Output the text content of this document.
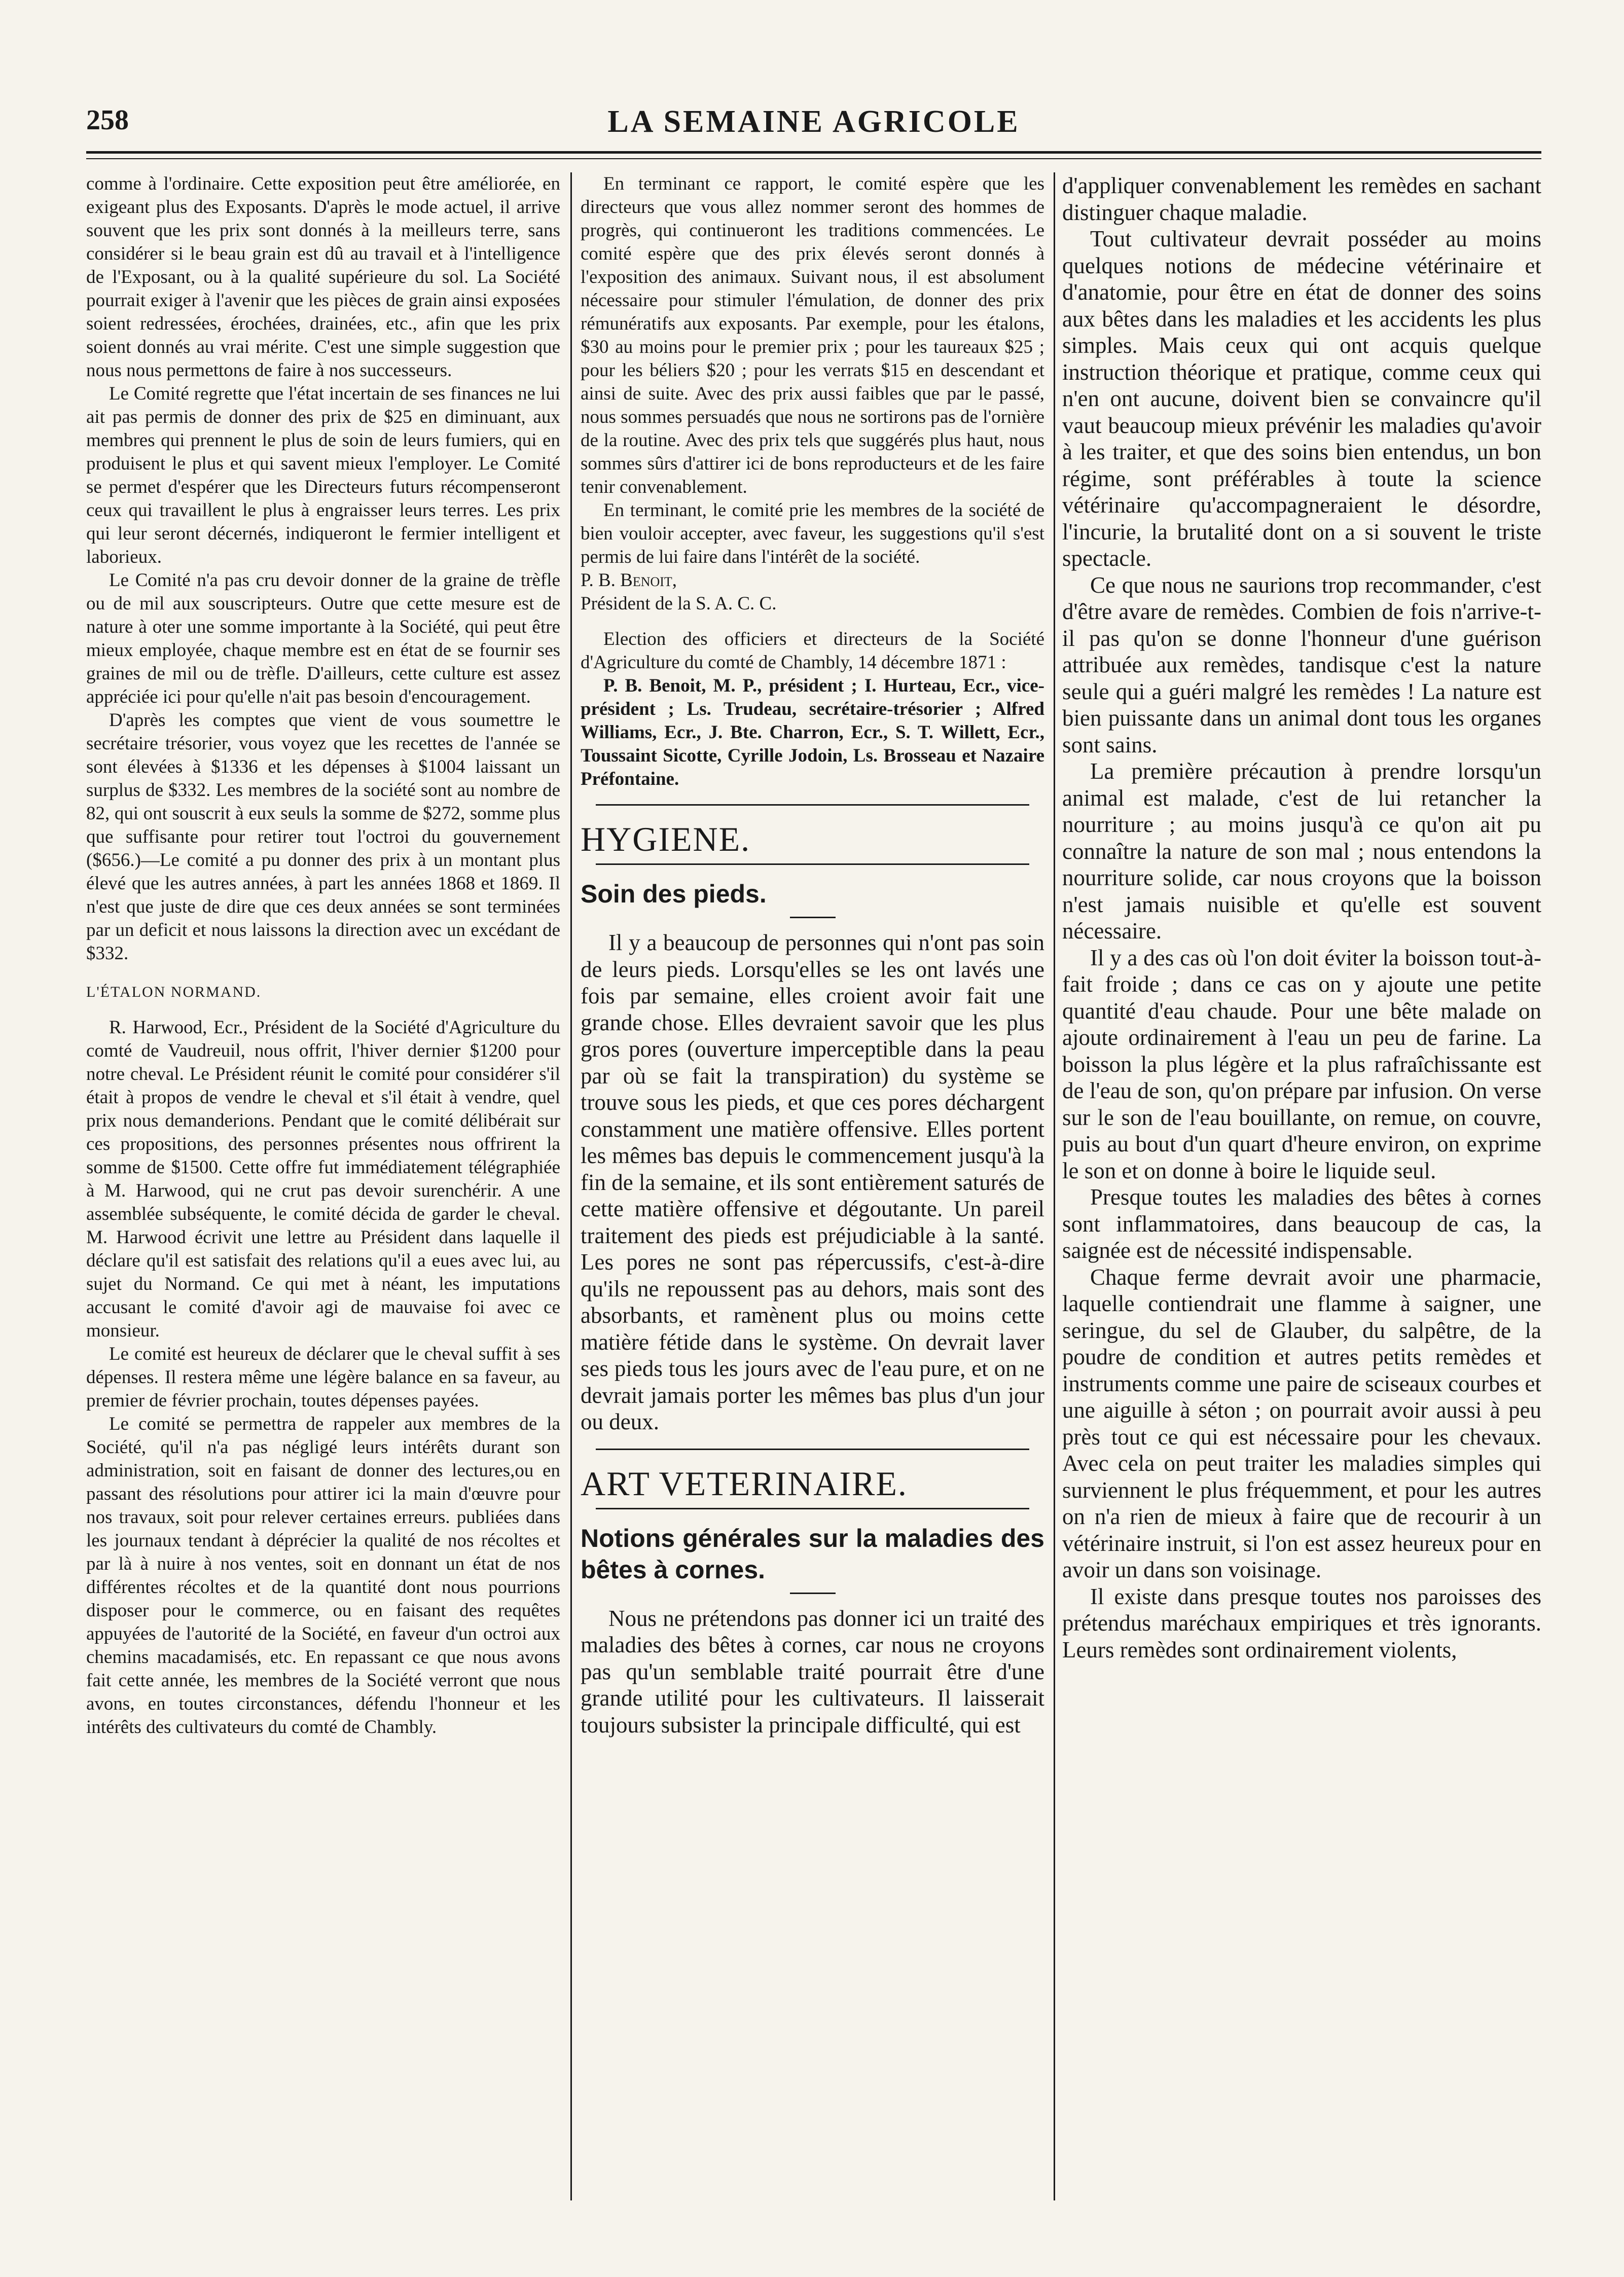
LA SEMAINE AGRICOLE
258

comme à l'ordinaire. Cette exposition peut être améliorée, en exigeant plus des Exposants. D'après le mode actuel, il arrive souvent que les prix sont donnés à la meilleurs terre, sans considérer si le beau grain est dû au travail et à l'intelligence de l'Exposant, ou à la qualité supérieure du sol. La Société pourrait exiger à l'avenir que les pièces de grain ainsi exposées soient redressées, érochées, drainées, etc., afin que les prix soient donnés au vrai mérite. C'est une simple suggestion que nous nous permettons de faire à nos successeurs.

Le Comité regrette que l'état incertain de ses finances ne lui ait pas permis de donner des prix de $25 en diminuant, aux membres qui prennent le plus de soin de leurs fumiers, qui en produisent le plus et qui savent mieux l'employer. Le Comité se permet d'espérer que les Directeurs futurs récompenseront ceux qui travaillent le plus à engraisser leurs terres. Les prix qui leur seront décernés, indiqueront le fermier intelligent et laborieux.

Le Comité n'a pas cru devoir donner de la graine de trèfle ou de mil aux souscripteurs. Outre que cette mesure est de nature à oter une somme importante à la Société, qui peut être mieux employée, chaque membre est en état de se fournir ses graines de mil ou de trèfle. D'ailleurs, cette culture est assez appréciée ici pour qu'elle n'ait pas besoin d'encouragement.

D'après les comptes que vient de vous soumettre le secrétaire trésorier, vous voyez que les recettes de l'année se sont élevées à $1336 et les dépenses à $1004 laissant un surplus de $332. Les membres de la société sont au nombre de 82, qui ont souscrit à eux seuls la somme de $272, somme plus que suffisante pour retirer tout l'octroi du gouvernement ($656.)—Le comité a pu donner des prix à un montant plus élevé que les autres années, à part les années 1868 et 1869. Il n'est que juste de dire que ces deux années se sont terminées par un deficit et nous laissons la direction avec un excédant de $332.

L'ÉTALON NORMAND.

R. Harwood, Ecr., Président de la Société d'Agriculture du comté de Vaudreuil, nous offrit, l'hiver dernier $1200 pour notre cheval. Le Président réunit le comité pour considérer s'il était à propos de vendre le cheval et s'il était à vendre, quel prix nous demanderions. Pendant que le comité délibérait sur ces propositions, des personnes présentes nous offrirent la somme de $1500. Cette offre fut immédiatement télégraphiée à M. Harwood, qui ne crut pas devoir surenchérir. A une assemblée subséquente, le comité décida de garder le cheval. M. Harwood écrivit une lettre au Président dans laquelle il déclare qu'il est satisfait des relations qu'il a eues avec lui, au sujet du Normand. Ce qui met à néant, les imputations accusant le comité d'avoir agi de mauvaise foi avec ce monsieur.

Le comité est heureux de déclarer que le cheval suffit à ses dépenses. Il restera même une légère balance en sa faveur, au premier de février prochain, toutes dépenses payées.

Le comité se permettra de rappeler aux membres de la Société, qu'il n'a pas négligé leurs intérêts durant son administration, soit en faisant de donner des lectures,ou en passant des résolutions pour attirer ici la main d'œuvre pour nos travaux, soit pour relever certaines erreurs. publiées dans les journaux tendant à déprécier la qualité de nos récoltes et par là à nuire à nos ventes, soit en donnant un état de nos différentes récoltes et de la quantité dont nous pourrions disposer pour le commerce, ou en faisant des requêtes appuyées de l'autorité de la Société, en faveur d'un octroi aux chemins macadamisés, etc. En repassant ce que nous avons fait cette année, les membres de la Société verront que nous avons, en toutes circonstances, défendu l'honneur et les intérêts des cultivateurs du comté de Chambly.

En terminant ce rapport, le comité espère que les directeurs que vous allez nommer seront des hommes de progrès, qui continueront les traditions commencées. Le comité espère que des prix élevés seront donnés à l'exposition des animaux. Suivant nous, il est absolument nécessaire pour stimuler l'émulation, de donner des prix rémunératifs aux exposants. Par exemple, pour les étalons, $30 au moins pour le premier prix ; pour les taureaux $25 ; pour les béliers $20 ; pour les verrats $15 en descendant et ainsi de suite. Avec des prix aussi faibles que par le passé, nous sommes persuadés que nous ne sortirons pas de l'ornière de la routine. Avec des prix tels que suggérés plus haut, nous sommes sûrs d'attirer ici de bons reproducteurs et de les faire tenir convenablement.

En terminant, le comité prie les membres de la société de bien vouloir accepter, avec faveur, les suggestions qu'il s'est permis de lui faire dans l'intérêt de la société.

P. B. Benoit,

Président de la S. A. C. C.

Election des officiers et directeurs de la Société d'Agriculture du comté de Chambly, 14 décembre 1871 :

P. B. Benoit, M. P., président ; I. Hurteau, Ecr., vice-président ; Ls. Trudeau, secrétaire-trésorier ; Alfred Williams, Ecr., J. Bte. Charron, Ecr., S. T. Willett, Ecr., Toussaint Sicotte, Cyrille Jodoin, Ls. Brosseau et Nazaire Préfontaine.

HYGIENE.

Soin des pieds.

Il y a beaucoup de personnes qui n'ont pas soin de leurs pieds. Lorsqu'elles se les ont lavés une fois par semaine, elles croient avoir fait une grande chose. Elles devraient savoir que les plus gros pores (ouverture imperceptible dans la peau par où se fait la transpiration) du système se trouve sous les pieds, et que ces pores déchargent constamment une matière offensive. Elles portent les mêmes bas depuis le commencement jusqu'à la fin de la semaine, et ils sont entièrement saturés de cette matière offensive et dégoutante. Un pareil traitement des pieds est préjudiciable à la santé. Les pores ne sont pas répercussifs, c'est-à-dire qu'ils ne repoussent pas au dehors, mais sont des absorbants, et ramènent plus ou moins cette matière fétide dans le système. On devrait laver ses pieds tous les jours avec de l'eau pure, et on ne devrait jamais porter les mêmes bas plus d'un jour ou deux.

ART VETERINAIRE.

Notions générales sur la maladies des bêtes à cornes.

Nous ne prétendons pas donner ici un traité des maladies des bêtes à cornes, car nous ne croyons pas qu'un semblable traité pourrait être d'une grande utilité pour les cultivateurs. Il laisserait toujours subsister la principale difficulté, qui est

d'appliquer convenablement les remèdes en sachant distinguer chaque maladie.

Tout cultivateur devrait posséder au moins quelques notions de médecine vétérinaire et d'anatomie, pour être en état de donner des soins aux bêtes dans les maladies et les accidents les plus simples. Mais ceux qui ont acquis quelque instruction théorique et pratique, comme ceux qui n'en ont aucune, doivent bien se convaincre qu'il vaut beaucoup mieux prévénir les maladies qu'avoir à les traiter, et que des soins bien entendus, un bon régime, sont préférables à toute la science vétérinaire qu'accompagneraient le désordre, l'incurie, la brutalité dont on a si souvent le triste spectacle.

Ce que nous ne saurions trop recommander, c'est d'être avare de remèdes. Combien de fois n'arrive-t-il pas qu'on se donne l'honneur d'une guérison attribuée aux remèdes, tandisque c'est la nature seule qui a guéri malgré les remèdes ! La nature est bien puissante dans un animal dont tous les organes sont sains.

La première précaution à prendre lorsqu'un animal est malade, c'est de lui retancher la nourriture ; au moins jusqu'à ce qu'on ait pu connaître la nature de son mal ; nous entendons la nourriture solide, car nous croyons que la boisson n'est jamais nuisible et qu'elle est souvent nécessaire.

Il y a des cas où l'on doit éviter la boisson tout-à-fait froide ; dans ce cas on y ajoute une petite quantité d'eau chaude. Pour une bête malade on ajoute ordinairement à l'eau un peu de farine. La boisson la plus légère et la plus rafraîchissante est de l'eau de son, qu'on prépare par infusion. On verse sur le son de l'eau bouillante, on remue, on couvre, puis au bout d'un quart d'heure environ, on exprime le son et on donne à boire le liquide seul.

Presque toutes les maladies des bêtes à cornes sont inflammatoires, dans beaucoup de cas, la saignée est de nécessité indispensable.

Chaque ferme devrait avoir une pharmacie, laquelle contiendrait une flamme à saigner, une seringue, du sel de Glauber, du salpêtre, de la poudre de condition et autres petits remèdes et instruments comme une paire de sciseaux courbes et une aiguille à séton ; on pourrait avoir aussi à peu près tout ce qui est nécessaire pour les chevaux. Avec cela on peut traiter les maladies simples qui surviennent le plus fréquemment, et pour les autres on n'a rien de mieux à faire que de recourir à un vétérinaire instruit, si l'on est assez heureux pour en avoir un dans son voisinage.

Il existe dans presque toutes nos paroisses des prétendus maréchaux empiriques et très ignorants. Leurs remèdes sont ordinairement violents,
